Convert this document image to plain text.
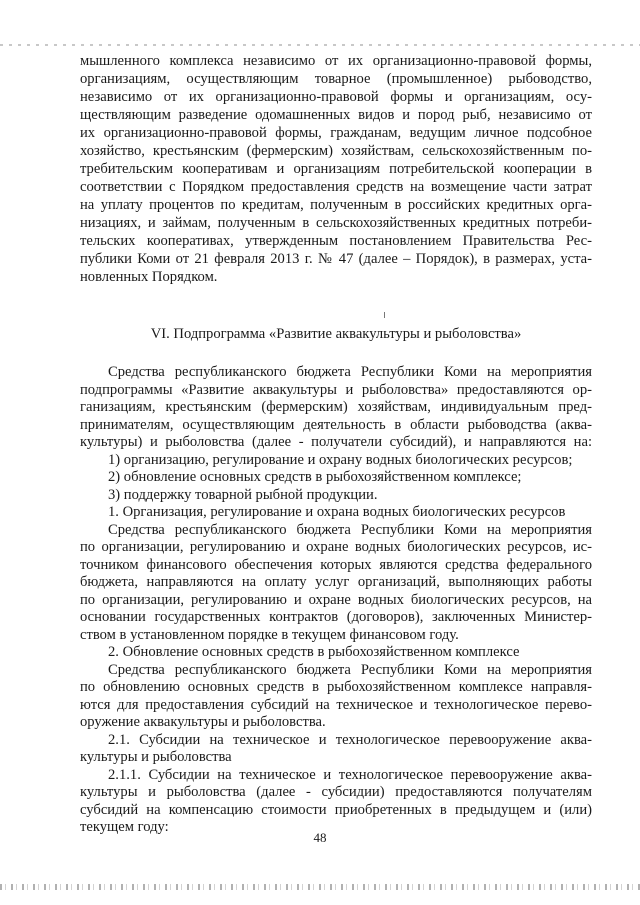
мышленного комплекса независимо от их организационно-правовой формы,
организациям, осуществляющим товарное (промышленное) рыбоводство,
независимо от их организационно-правовой формы и организациям, осу-
ществляющим разведение одомашненных видов и пород рыб, независимо от
их организационно-правовой формы, гражданам, ведущим личное подсобное
хозяйство, крестьянским (фермерским) хозяйствам, сельскохозяйственным по-
требительским кооперативам и организациям потребительской кооперации в
соответствии с Порядком предоставления средств на возмещение части затрат
на уплату процентов по кредитам, полученным в российских кредитных орга-
низациях, и займам, полученным в сельскохозяйственных кредитных потреби-
тельских кооперативах, утвержденным постановлением Правительства Рес-
публики Коми от 21 февраля 2013 г. № 47 (далее – Порядок), в размерах, уста-
новленных Порядком.
VI. Подпрограмма «Развитие аквакультуры и рыболовства»
Средства республиканского бюджета Республики Коми на мероприятия
подпрограммы «Развитие аквакультуры и рыболовства» предоставляются ор-
ганизациям, крестьянским (фермерским) хозяйствам, индивидуальным пред-
принимателям, осуществляющим деятельность в области рыбоводства (аква-
культуры) и рыболовства (далее - получатели субсидий), и направляются на:
1) организацию, регулирование и охрану водных биологических ресурсов;
2) обновление основных средств в рыбохозяйственном комплексе;
3) поддержку товарной рыбной продукции.
1. Организация, регулирование и охрана водных биологических ресурсов
Средства республиканского бюджета Республики Коми на мероприятия
по организации, регулированию и охране водных биологических ресурсов, ис-
точником финансового обеспечения которых являются средства федерального
бюджета, направляются на оплату услуг организаций, выполняющих работы
по организации, регулированию и охране водных биологических ресурсов, на
основании государственных контрактов (договоров), заключенных Министер-
ством в установленном порядке в текущем финансовом году.
2. Обновление основных средств в рыбохозяйственном комплексе
Средства республиканского бюджета Республики Коми на мероприятия
по обновлению основных средств в рыбохозяйственном комплексе направля-
ются для предоставления субсидий на техническое и технологическое перево-
оружение аквакультуры и рыболовства.
2.1. Субсидии на техническое и технологическое перевооружение аква-
культуры и рыболовства
2.1.1. Субсидии на техническое и технологическое перевооружение аква-
культуры и рыболовства (далее - субсидии) предоставляются получателям
субсидий на компенсацию стоимости приобретенных в предыдущем и (или)
текущем году:
48
